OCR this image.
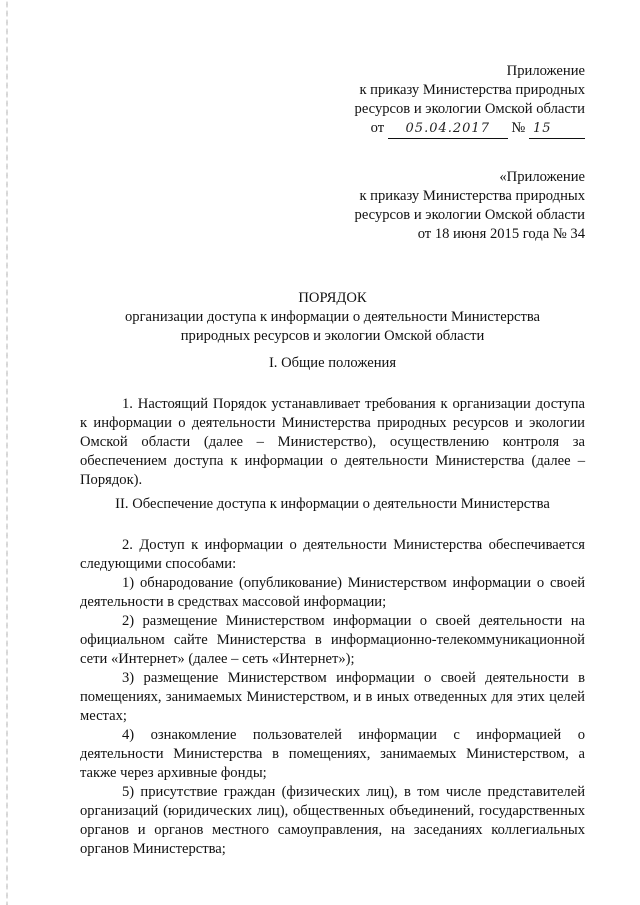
Приложение
к приказу Министерства природных
ресурсов и экологии Омской области
от 05.04.2017 № 15
«Приложение
к приказу Министерства природных
ресурсов и экологии Омской области
от 18 июня 2015 года № 34
ПОРЯДОК
организации доступа к информации о деятельности Министерства
природных ресурсов и экологии Омской области
I. Общие положения

1. Настоящий Порядок устанавливает требования к организации доступа к информации о деятельности Министерства природных ресурсов и экологии Омской области (далее – Министерство), осуществлению контроля за обеспечением доступа к информации о деятельности Министерства (далее – Порядок).

II. Обеспечение доступа к информации о деятельности Министерства

2. Доступ к информации о деятельности Министерства обеспечивается следующими способами:

1) обнародование (опубликование) Министерством информации о своей деятельности в средствах массовой информации;

2) размещение Министерством информации о своей деятельности на официальном сайте Министерства в информационно-телекоммуникационной сети «Интернет» (далее – сеть «Интернет»);

3) размещение Министерством информации о своей деятельности в помещениях, занимаемых Министерством, и в иных отведенных для этих целей местах;

4) ознакомление пользователей информации с информацией о деятельности Министерства в помещениях, занимаемых Министерством, а также через архивные фонды;

5) присутствие граждан (физических лиц), в том числе представителей организаций (юридических лиц), общественных объединений, государственных органов и органов местного самоуправления, на заседаниях коллегиальных органов Министерства;
